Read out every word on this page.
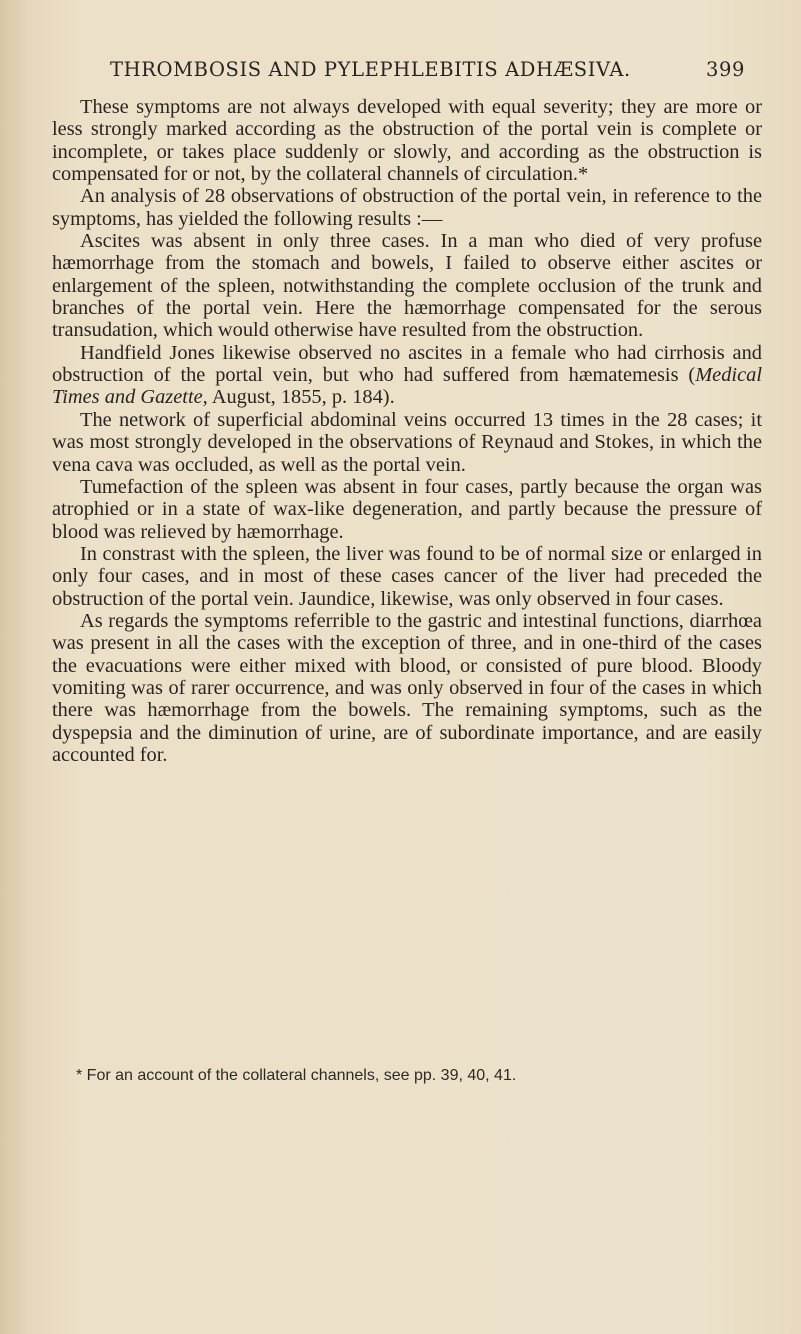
THROMBOSIS AND PYLEPHLEBITIS ADHÆSIVA.	399

These symptoms are not always developed with equal severity; they are more or less strongly marked according as the obstruction of the portal vein is complete or incomplete, or takes place suddenly or slowly, and according as the obstruction is compensated for or not, by the collateral channels of circulation.*

An analysis of 28 observations of obstruction of the portal vein, in reference to the symptoms, has yielded the following results :—

Ascites was absent in only three cases. In a man who died of very profuse hæmorrhage from the stomach and bowels, I failed to observe either ascites or enlargement of the spleen, notwithstanding the complete occlusion of the trunk and branches of the portal vein. Here the hæmorrhage compensated for the serous transudation, which would otherwise have resulted from the obstruction.

Handfield Jones likewise observed no ascites in a female who had cirrhosis and obstruction of the portal vein, but who had suffered from hæmatemesis (Medical Times and Gazette, August, 1855, p. 184).

The network of superficial abdominal veins occurred 13 times in the 28 cases; it was most strongly developed in the observations of Reynaud and Stokes, in which the vena cava was occluded, as well as the portal vein.

Tumefaction of the spleen was absent in four cases, partly because the organ was atrophied or in a state of wax-like degeneration, and partly because the pressure of blood was relieved by hæmorrhage.

In constrast with the spleen, the liver was found to be of normal size or enlarged in only four cases, and in most of these cases cancer of the liver had preceded the obstruction of the portal vein. Jaundice, likewise, was only observed in four cases.

As regards the symptoms referrible to the gastric and intestinal functions, diarrhœa was present in all the cases with the exception of three, and in one-third of the cases the evacuations were either mixed with blood, or consisted of pure blood. Bloody vomiting was of rarer occurrence, and was only observed in four of the cases in which there was hæmorrhage from the bowels. The remaining symptoms, such as the dyspepsia and the diminution of urine, are of subordinate importance, and are easily accounted for.

* For an account of the collateral channels, see pp. 39, 40, 41.
